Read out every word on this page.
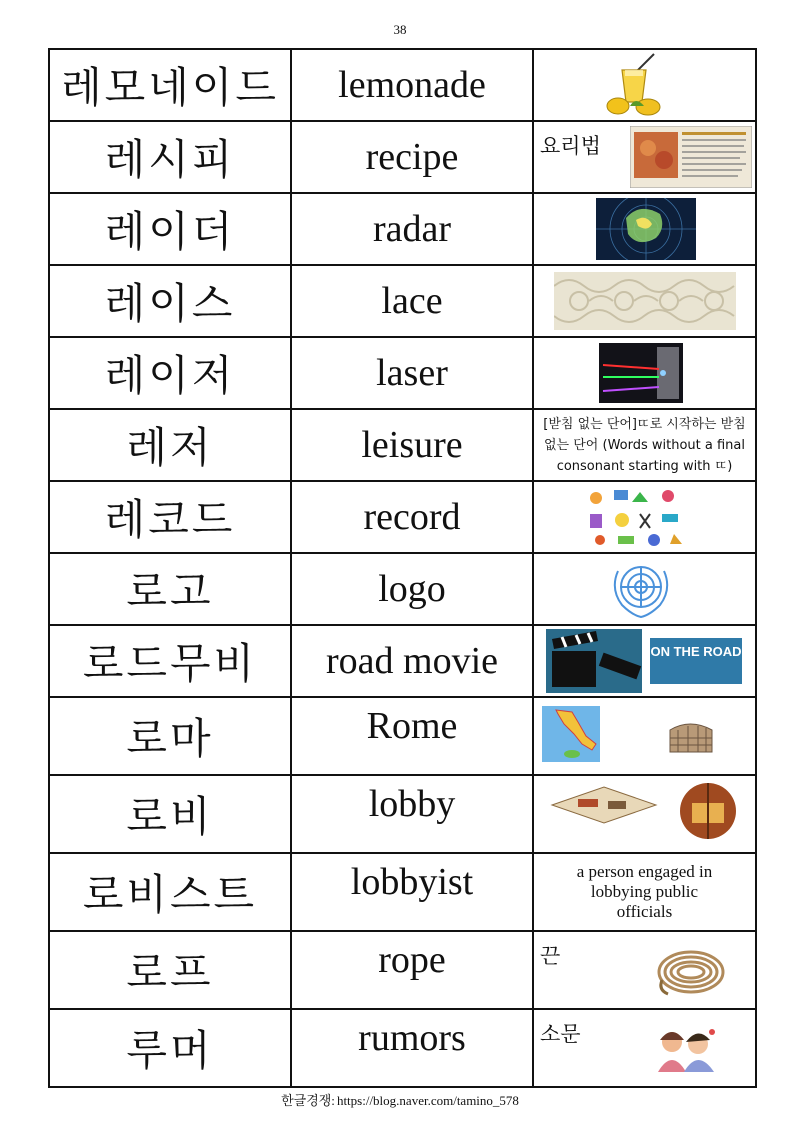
38
레모네이드	lemonade	

레시피	recipe	요리법

레이더	radar	

레이스	lace	

레이저	laser	

레저	leisure	[받침 없는 단어]ㄸ로 시작하는 받침 없는 단어 (Words without a final consonant starting with ㄸ)

레코드	record	

로고	logo	

로드무비	road movie	ON THE ROAD

로마	Rome	

로비	lobby	

로비스트	lobbyist	a person engaged in lobbying public officials

로프	rope	끈

루머	rumors	소문
한글경쟁: https://blog.naver.com/tamino_578
